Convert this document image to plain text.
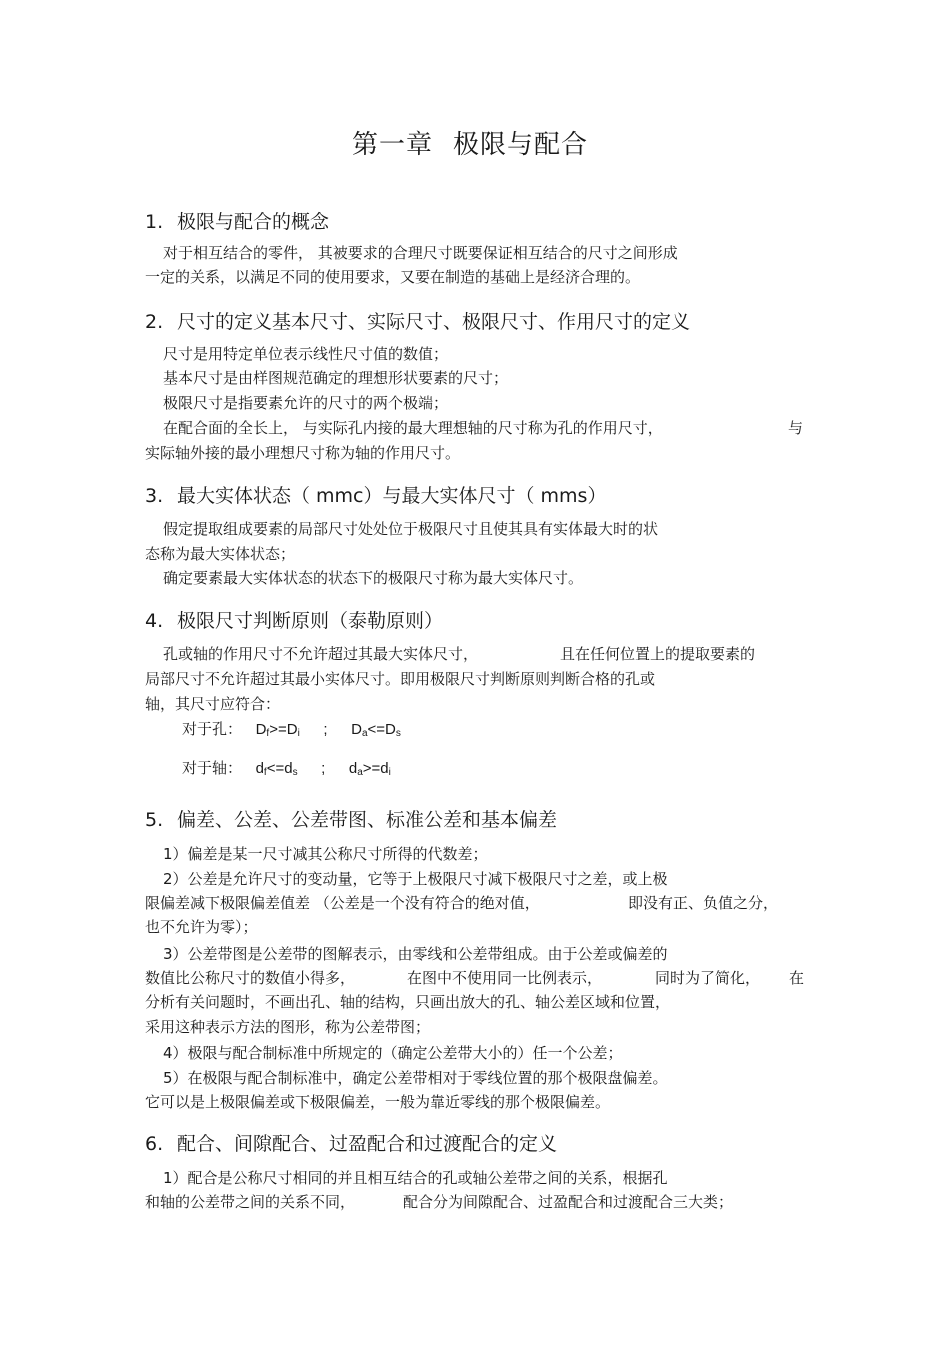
第一章 极限与配合
1. 极限与配合的概念
对于相互结合的零件， 其被要求的合理尺寸既要保证相互结合的尺寸之间形成
一定的关系，以满足不同的使用要求，又要在制造的基础上是经济合理的。
2. 尺寸的定义基本尺寸、实际尺寸、极限尺寸、作用尺寸的定义
尺寸是用特定单位表示线性尺寸值的数值；
基本尺寸是由样图规范确定的理想形状要素的尺寸；
极限尺寸是指要素允许的尺寸的两个极端；
在配合面的全长上， 与实际孔内接的最大理想轴的尺寸称为孔的作用尺寸，	与
实际轴外接的最小理想尺寸称为轴的作用尺寸。
3. 最大实体状态（ mmc）与最大实体尺寸（ mms）
假定提取组成要素的局部尺寸处处位于极限尺寸且使其具有实体最大时的状
态称为最大实体状态；
确定要素最大实体状态的状态下的极限尺寸称为最大实体尺寸。
4. 极限尺寸判断原则（泰勒原则）
孔或轴的作用尺寸不允许超过其最大实体尺寸，	且在任何位置上的提取要素的
局部尺寸不允许超过其最小实体尺寸。即用极限尺寸判断原则判断合格的孔或
轴，其尺寸应符合：
对于孔： $D_f>=D_i$ ; $D_a<=D_s$
对于轴： $d_f<=d_s$ ; $d_a>=d_i$
5. 偏差、公差、公差带图、标准公差和基本偏差
1）偏差是某一尺寸减其公称尺寸所得的代数差；
2）公差是允许尺寸的变动量，它等于上极限尺寸减下极限尺寸之差，或上极
限偏差减下极限偏差值差 （公差是一个没有符合的绝对值，	即没有正、负值之分，
也不允许为零）；
3）公差带图是公差带的图解表示，由零线和公差带组成。由于公差或偏差的
数值比公称尺寸的数值小得多，	在图中不使用同一比例表示，	同时为了简化， 在
分析有关问题时，不画出孔、轴的结构，只画出放大的孔、轴公差区域和位置，
采用这种表示方法的图形，称为公差带图；
4）极限与配合制标准中所规定的（确定公差带大小的）任一个公差；
5）在极限与配合制标准中，确定公差带相对于零线位置的那个极限盘偏差。
它可以是上极限偏差或下极限偏差，一般为靠近零线的那个极限偏差。
6. 配合、间隙配合、过盈配合和过渡配合的定义
1）配合是公称尺寸相同的并且相互结合的孔或轴公差带之间的关系，根据孔
和轴的公差带之间的关系不同，	配合分为间隙配合、过盈配合和过渡配合三大类；
